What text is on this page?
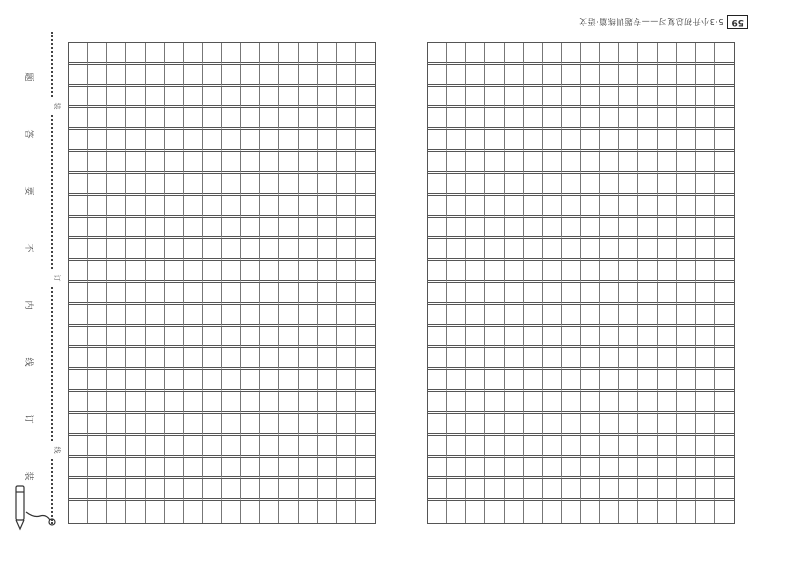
59
5·3小升初总复习——专题训练篇·语文
装
订
线
题
答
要
不
内
线
订
装
